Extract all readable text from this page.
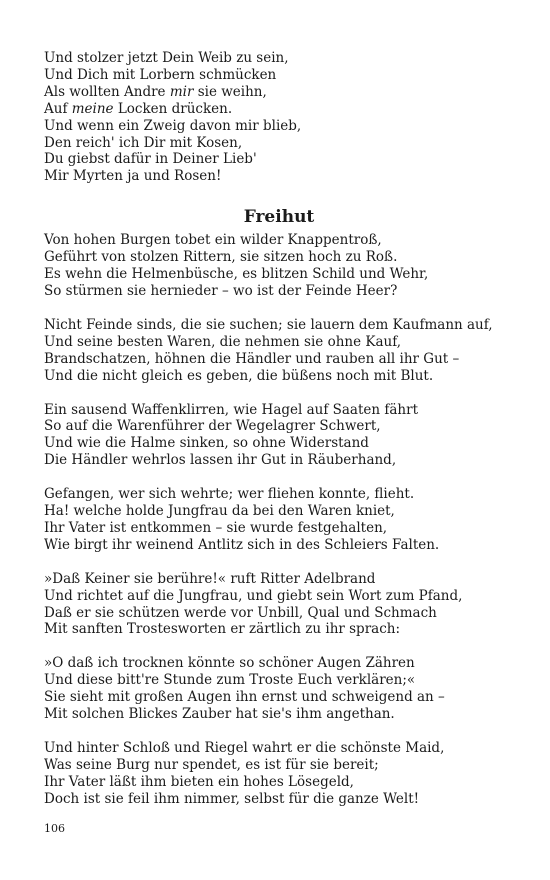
Und stolzer jetzt Dein Weib zu sein,
Und Dich mit Lorbern schmücken
Als wollten Andre mir sie weihn,
Auf meine Locken drücken.
Und wenn ein Zweig davon mir blieb,
Den reich' ich Dir mit Kosen,
Du giebst dafür in Deiner Lieb'
Mir Myrten ja und Rosen!
Freihut
Von hohen Burgen tobet ein wilder Knappentroß,
Geführt von stolzen Rittern, sie sitzen hoch zu Roß.
Es wehn die Helmenbüsche, es blitzen Schild und Wehr,
So stürmen sie hernieder – wo ist der Feinde Heer?
Nicht Feinde sinds, die sie suchen; sie lauern dem Kaufmann auf,
Und seine besten Waren, die nehmen sie ohne Kauf,
Brandschatzen, höhnen die Händler und rauben all ihr Gut –
Und die nicht gleich es geben, die büßens noch mit Blut.
Ein sausend Waffenklirren, wie Hagel auf Saaten fährt
So auf die Warenführer der Wegelagrer Schwert,
Und wie die Halme sinken, so ohne Widerstand
Die Händler wehrlos lassen ihr Gut in Räuberhand,
Gefangen, wer sich wehrte; wer fliehen konnte, flieht.
Ha! welche holde Jungfrau da bei den Waren kniet,
Ihr Vater ist entkommen – sie wurde festgehalten,
Wie birgt ihr weinend Antlitz sich in des Schleiers Falten.
»Daß Keiner sie berühre!« ruft Ritter Adelbrand
Und richtet auf die Jungfrau, und giebt sein Wort zum Pfand,
Daß er sie schützen werde vor Unbill, Qual und Schmach
Mit sanften Trostesworten er zärtlich zu ihr sprach:
»O daß ich trocknen könnte so schöner Augen Zähren
Und diese bitt're Stunde zum Troste Euch verklären;«
Sie sieht mit großen Augen ihn ernst und schweigend an –
Mit solchen Blickes Zauber hat sie's ihm angethan.
Und hinter Schloß und Riegel wahrt er die schönste Maid,
Was seine Burg nur spendet, es ist für sie bereit;
Ihr Vater läßt ihm bieten ein hohes Lösegeld,
Doch ist sie feil ihm nimmer, selbst für die ganze Welt!
106
